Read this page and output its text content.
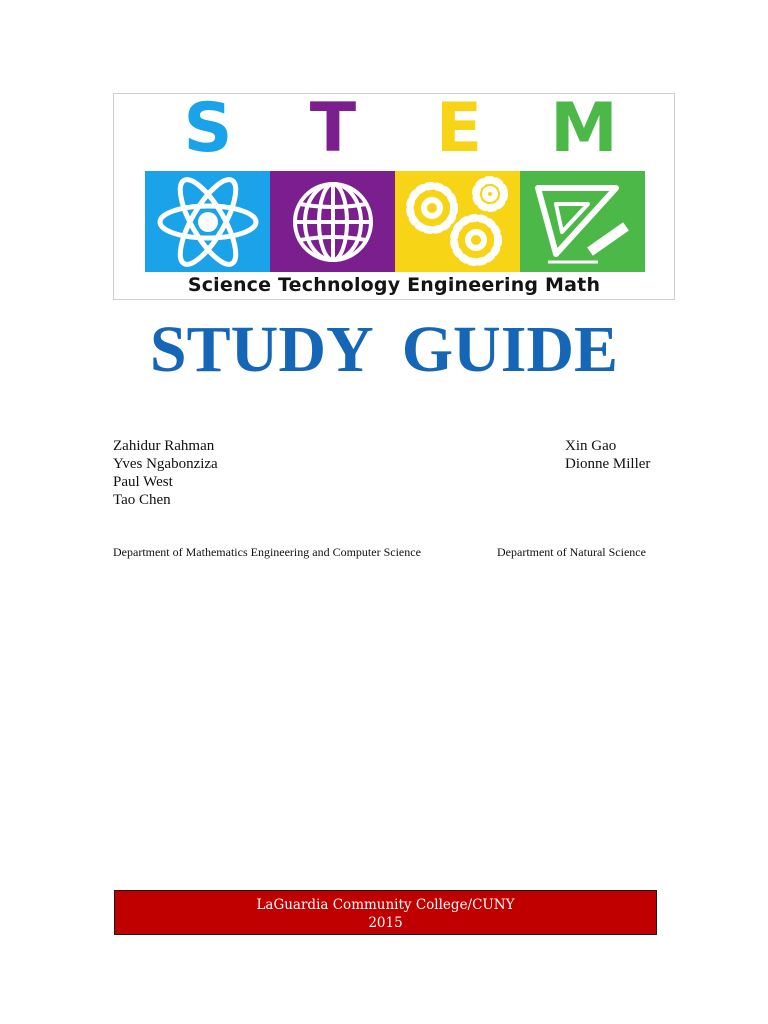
S	T	E M
Science Technology Engineering Math
STUDY GUIDE
Zahidur Rahman
Yves Ngabonziza
Paul West
Tao Chen
Xin Gao
Dionne Miller
Department of Mathematics Engineering and Computer Science	Department of Natural Science
LaGuardia Community College/CUNY
2015
